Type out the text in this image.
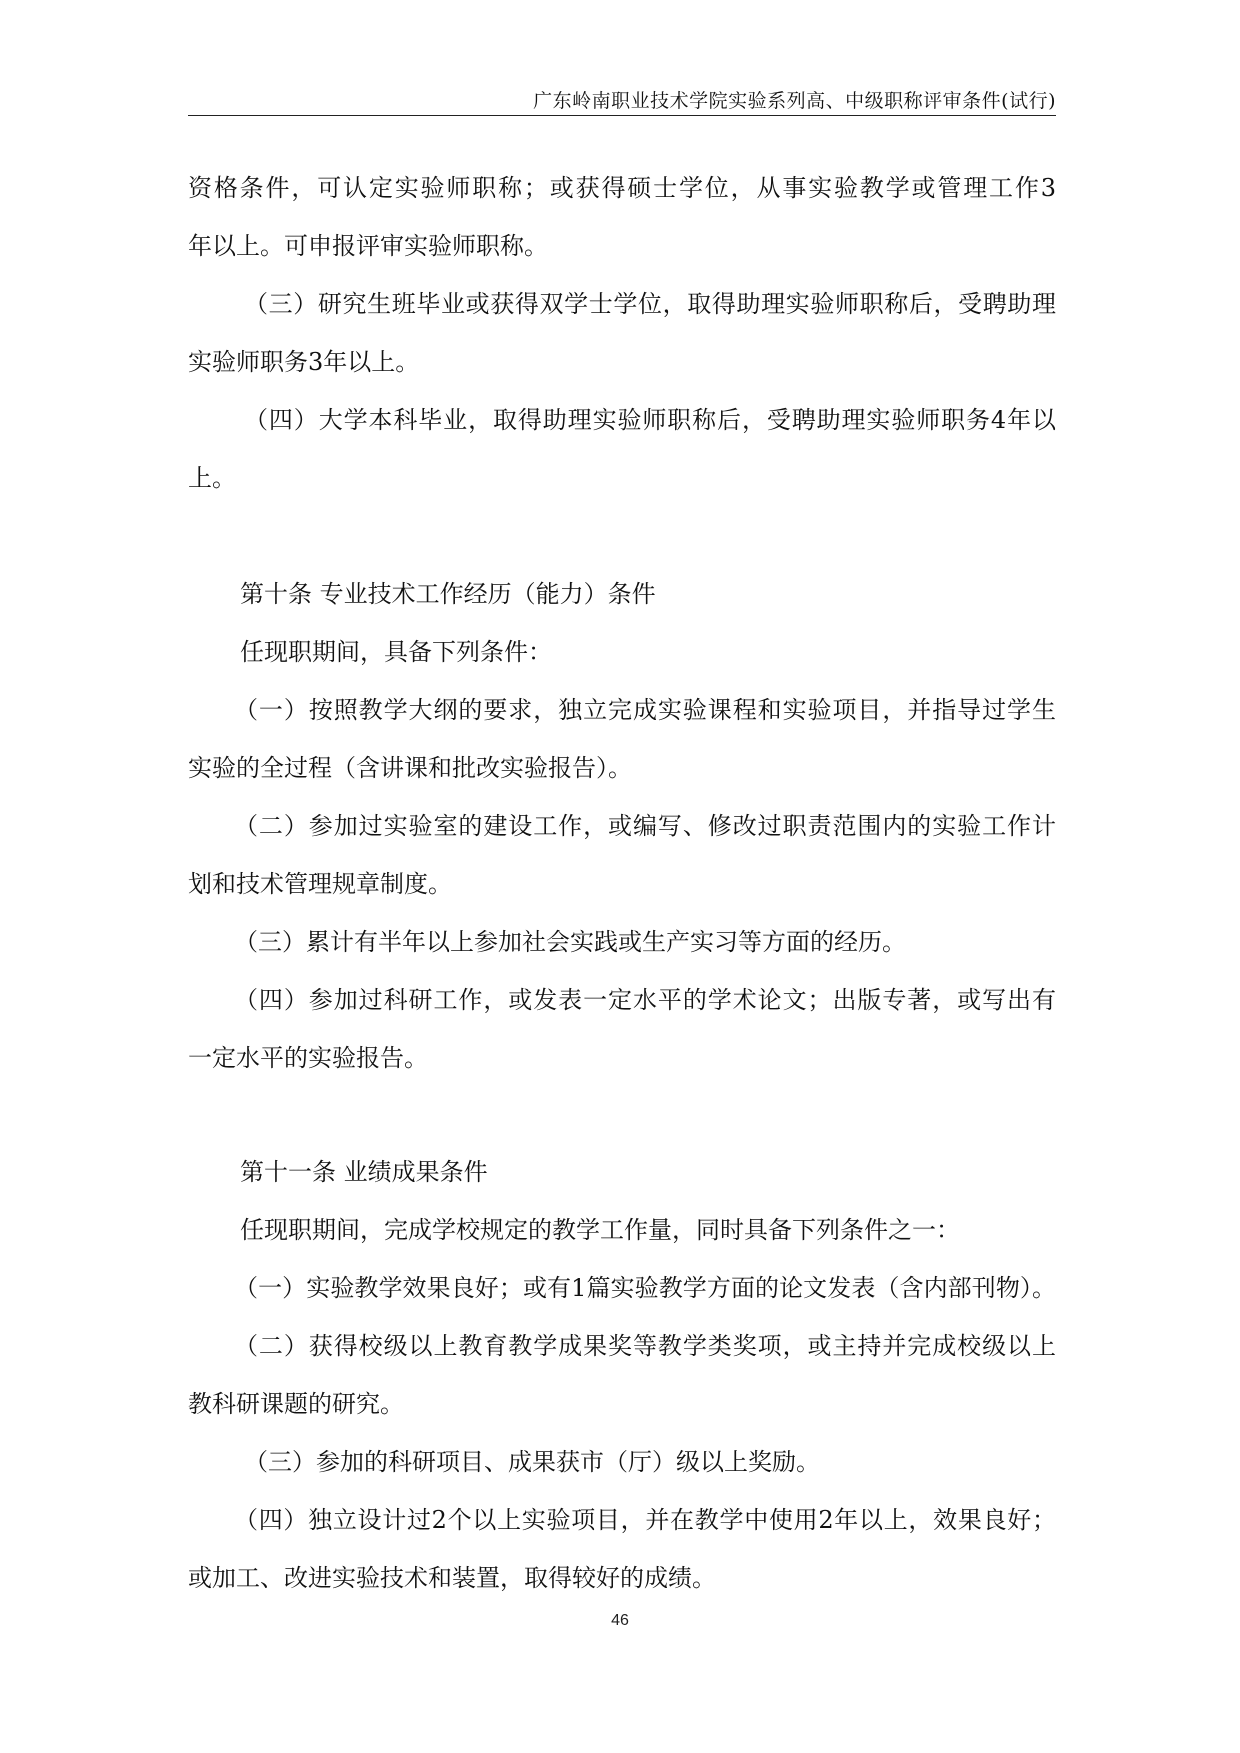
广东岭南职业技术学院实验系列高、中级职称评审条件(试行)
资格条件，可认定实验师职称；或获得硕士学位，从事实验教学或管理工作3
年以上。可申报评审实验师职称。
（三）研究生班毕业或获得双学士学位，取得助理实验师职称后，受聘助理
实验师职务3年以上。
（四）大学本科毕业，取得助理实验师职称后，受聘助理实验师职务4年以
上。
第十条 专业技术工作经历（能力）条件
任现职期间，具备下列条件：
（一）按照教学大纲的要求，独立完成实验课程和实验项目，并指导过学生
实验的全过程（含讲课和批改实验报告）。
（二）参加过实验室的建设工作，或编写、修改过职责范围内的实验工作计
划和技术管理规章制度。
（三）累计有半年以上参加社会实践或生产实习等方面的经历。
（四）参加过科研工作，或发表一定水平的学术论文；出版专著，或写出有
一定水平的实验报告。
第十一条 业绩成果条件
任现职期间，完成学校规定的教学工作量，同时具备下列条件之一：
（一）实验教学效果良好；或有1篇实验教学方面的论文发表（含内部刊物）。
（二）获得校级以上教育教学成果奖等教学类奖项，或主持并完成校级以上
教科研课题的研究。
（三）参加的科研项目、成果获市（厅）级以上奖励。
（四）独立设计过2个以上实验项目，并在教学中使用2年以上，效果良好；
或加工、改进实验技术和装置，取得较好的成绩。
46
